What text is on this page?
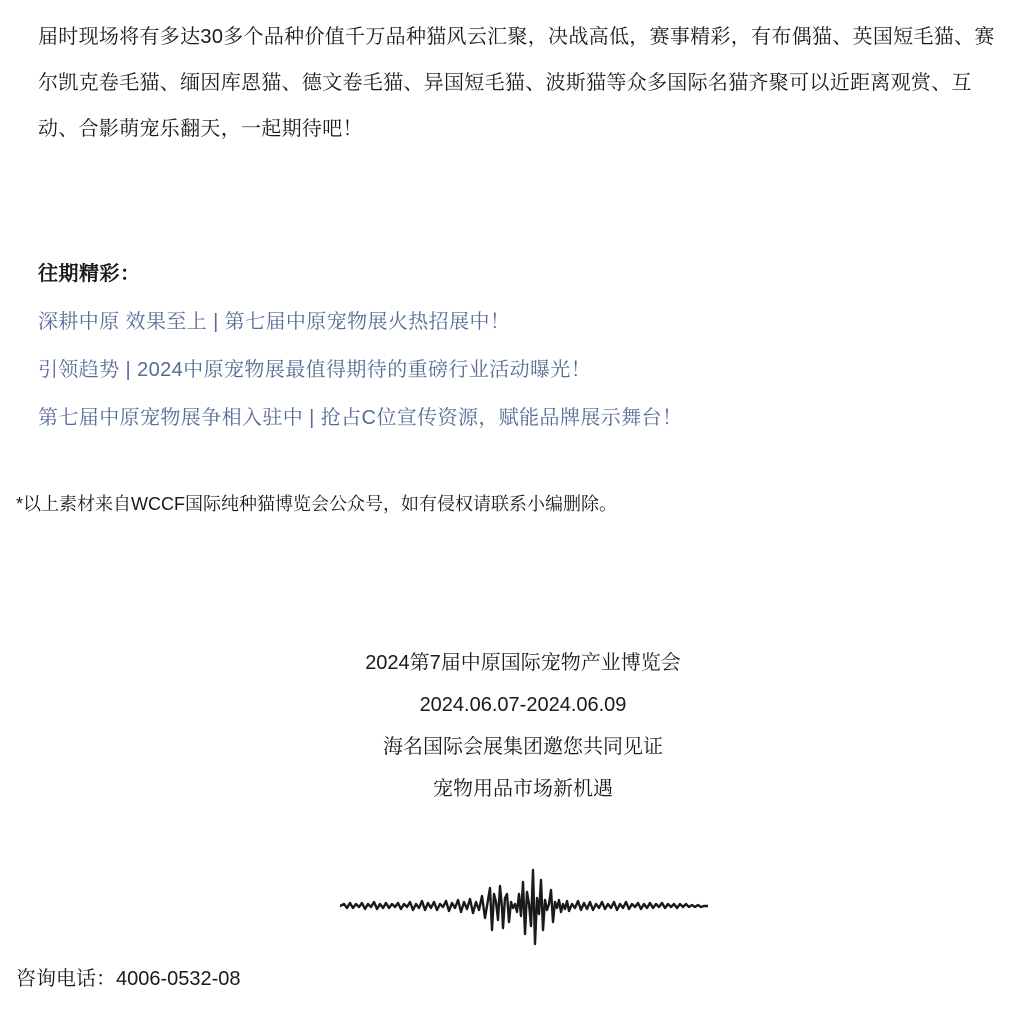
届时现场将有多达30多个品种价值千万品种猫风云汇聚，决战高低，赛事精彩，有布偶猫、英国短毛猫、赛尔凯克卷毛猫、缅因库恩猫、德文卷毛猫、异国短毛猫、波斯猫等众多国际名猫齐聚可以近距离观赏、互动、合影萌宠乐翻天，一起期待吧！

往期精彩：

深耕中原 效果至上 | 第七届中原宠物展火热招展中！
引领趋势 | 2024中原宠物展最值得期待的重磅行业活动曝光！
第七届中原宠物展争相入驻中 | 抢占C位宣传资源，赋能品牌展示舞台！

*以上素材来自WCCF国际纯种猫博览会公众号，如有侵权请联系小编删除。

2024第7届中原国际宠物产业博览会

2024.06.07-2024.06.09

海名国际会展集团邀您共同见证

宠物用品市场新机遇

咨询电话：4006-0532-08
